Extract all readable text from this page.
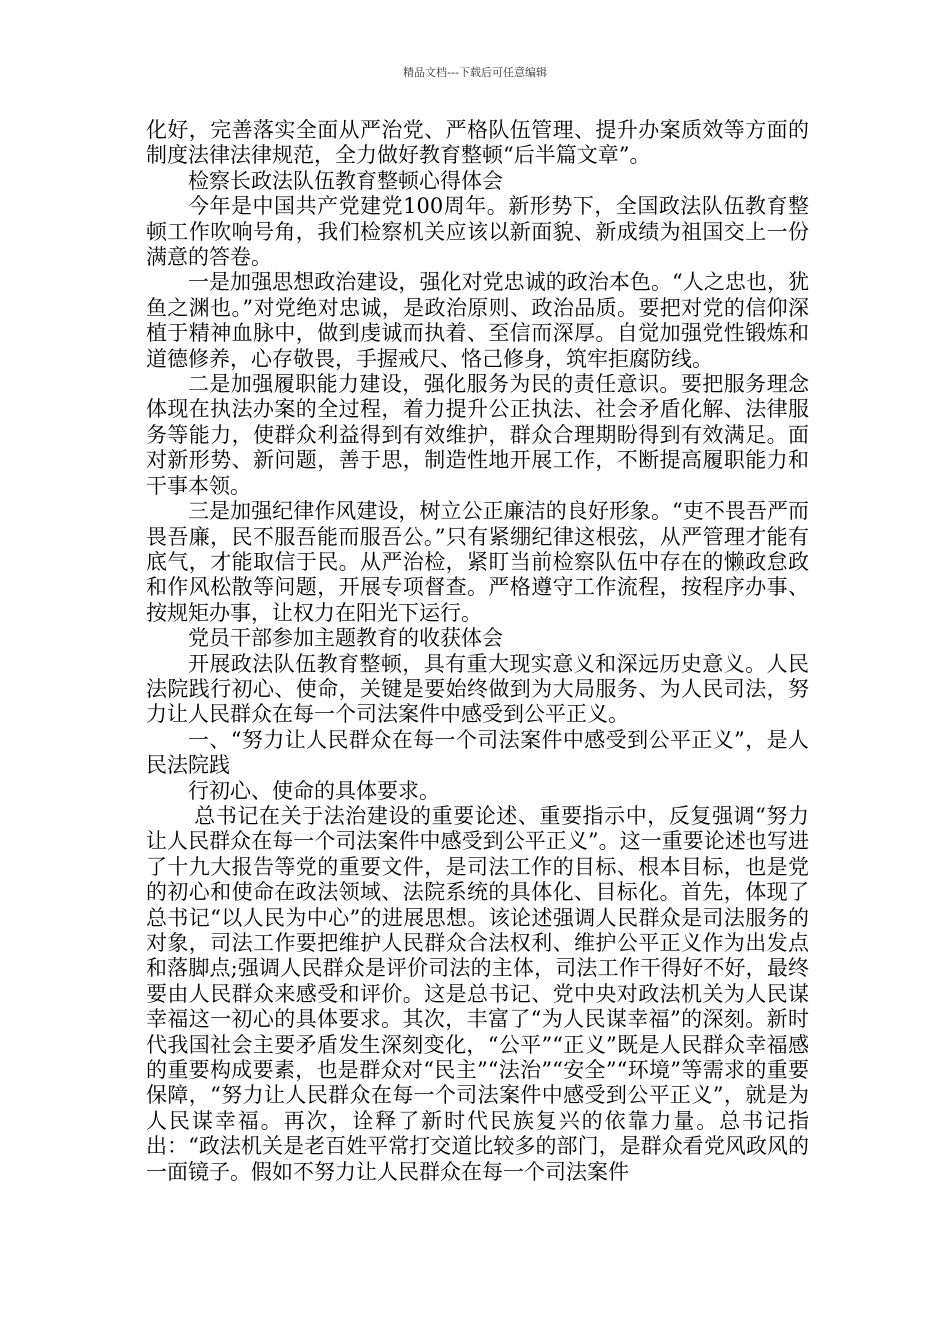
精品文档---下载后可任意编辑

化好，完善落实全面从严治党、严格队伍管理、提升办案质效等方面的制度法律法律规范，全力做好教育整顿“后半篇文章”。

检察长政法队伍教育整顿心得体会

今年是中国共产党建党100周年。新形势下，全国政法队伍教育整顿工作吹响号角，我们检察机关应该以新面貌、新成绩为祖国交上一份满意的答卷。

一是加强思想政治建设，强化对党忠诚的政治本色。“人之忠也，犹鱼之渊也。”对党绝对忠诚，是政治原则、政治品质。要把对党的信仰深植于精神血脉中，做到虔诚而执着、至信而深厚。自觉加强党性锻炼和道德修养，心存敬畏，手握戒尺、恪己修身，筑牢拒腐防线。

二是加强履职能力建设，强化服务为民的责任意识。要把服务理念体现在执法办案的全过程，着力提升公正执法、社会矛盾化解、法律服务等能力，使群众利益得到有效维护，群众合理期盼得到有效满足。面对新形势、新问题，善于思，制造性地开展工作，不断提高履职能力和干事本领。

三是加强纪律作风建设，树立公正廉洁的良好形象。“吏不畏吾严而畏吾廉，民不服吾能而服吾公。”只有紧绷纪律这根弦，从严管理才能有底气，才能取信于民。从严治检，紧盯当前检察队伍中存在的懒政怠政和作风松散等问题，开展专项督查。严格遵守工作流程，按程序办事、按规矩办事，让权力在阳光下运行。

党员干部参加主题教育的收获体会

开展政法队伍教育整顿，具有重大现实意义和深远历史意义。人民法院践行初心、使命，关键是要始终做到为大局服务、为人民司法，努力让人民群众在每一个司法案件中感受到公平正义。

一、“努力让人民群众在每一个司法案件中感受到公平正义”，是人民法院践

行初心、使命的具体要求。

总书记在关于法治建设的重要论述、重要指示中，反复强调“努力让人民群众在每一个司法案件中感受到公平正义”。这一重要论述也写进了十九大报告等党的重要文件，是司法工作的目标、根本目标，也是党的初心和使命在政法领域、法院系统的具体化、目标化。首先，体现了总书记“以人民为中心”的进展思想。该论述强调人民群众是司法服务的对象，司法工作要把维护人民群众合法权利、维护公平正义作为出发点和落脚点;强调人民群众是评价司法的主体，司法工作干得好不好，最终要由人民群众来感受和评价。这是总书记、党中央对政法机关为人民谋幸福这一初心的具体要求。其次，丰富了“为人民谋幸福”的深刻。新时代我国社会主要矛盾发生深刻变化，“公平”“正义”既是人民群众幸福感的重要构成要素，也是群众对“民主”“法治”“安全”“环境”等需求的重要保障，“努力让人民群众在每一个司法案件中感受到公平正义”，就是为人民谋幸福。再次，诠释了新时代民族复兴的依靠力量。总书记指出：“政法机关是老百姓平常打交道比较多的部门，是群众看党风政风的一面镜子。假如不努力让人民群众在每一个司法案件
